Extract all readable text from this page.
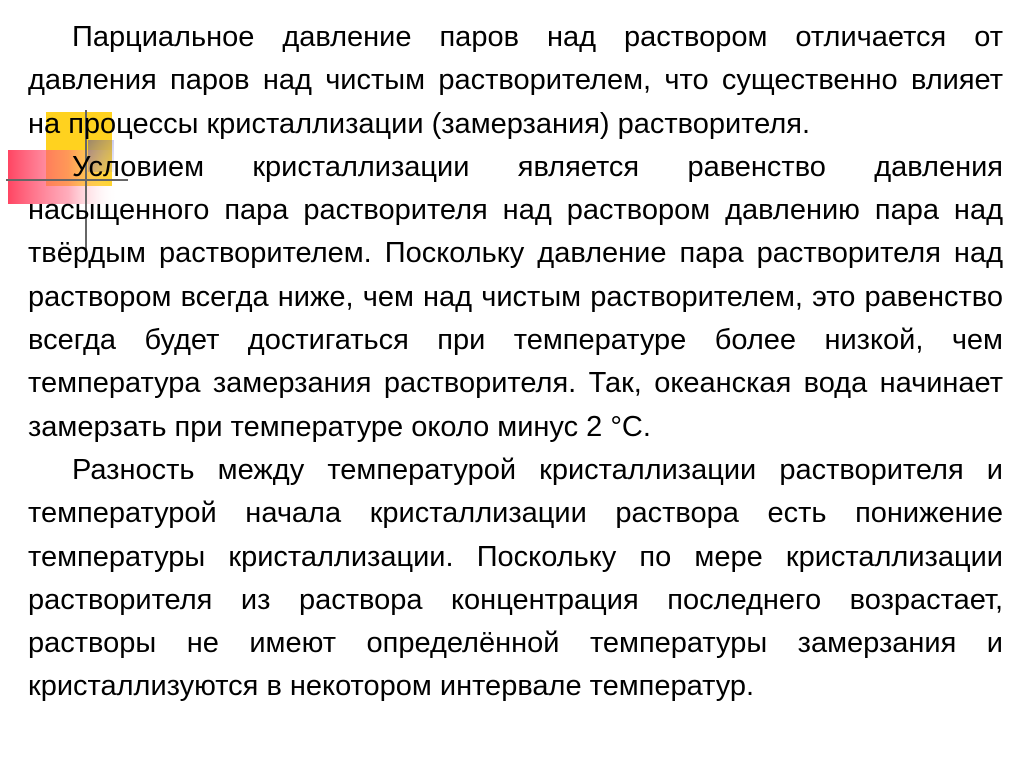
Парциальное давление паров над раствором отличается от давления паров над чистым растворителем, что существенно влияет на процессы кристаллизации (замерзания) растворителя.

Условием кристаллизации является равенство давления насыщенного пара растворителя над раствором давлению пара над твёрдым растворителем. Поскольку давление пара растворителя над раствором всегда ниже, чем над чистым растворителем, это равенство всегда будет достигаться при температуре более низкой, чем температура замерзания растворителя. Так, океанская вода начинает замерзать при температуре около минус 2 °С.

Разность между температурой кристаллизации растворителя и температурой начала кристаллизации раствора есть понижение температуры кристаллизации. Поскольку по мере кристаллизации растворителя из раствора концентрация последнего возрастает, растворы не имеют определённой температуры замерзания и кристаллизуются в некотором интервале температур.
